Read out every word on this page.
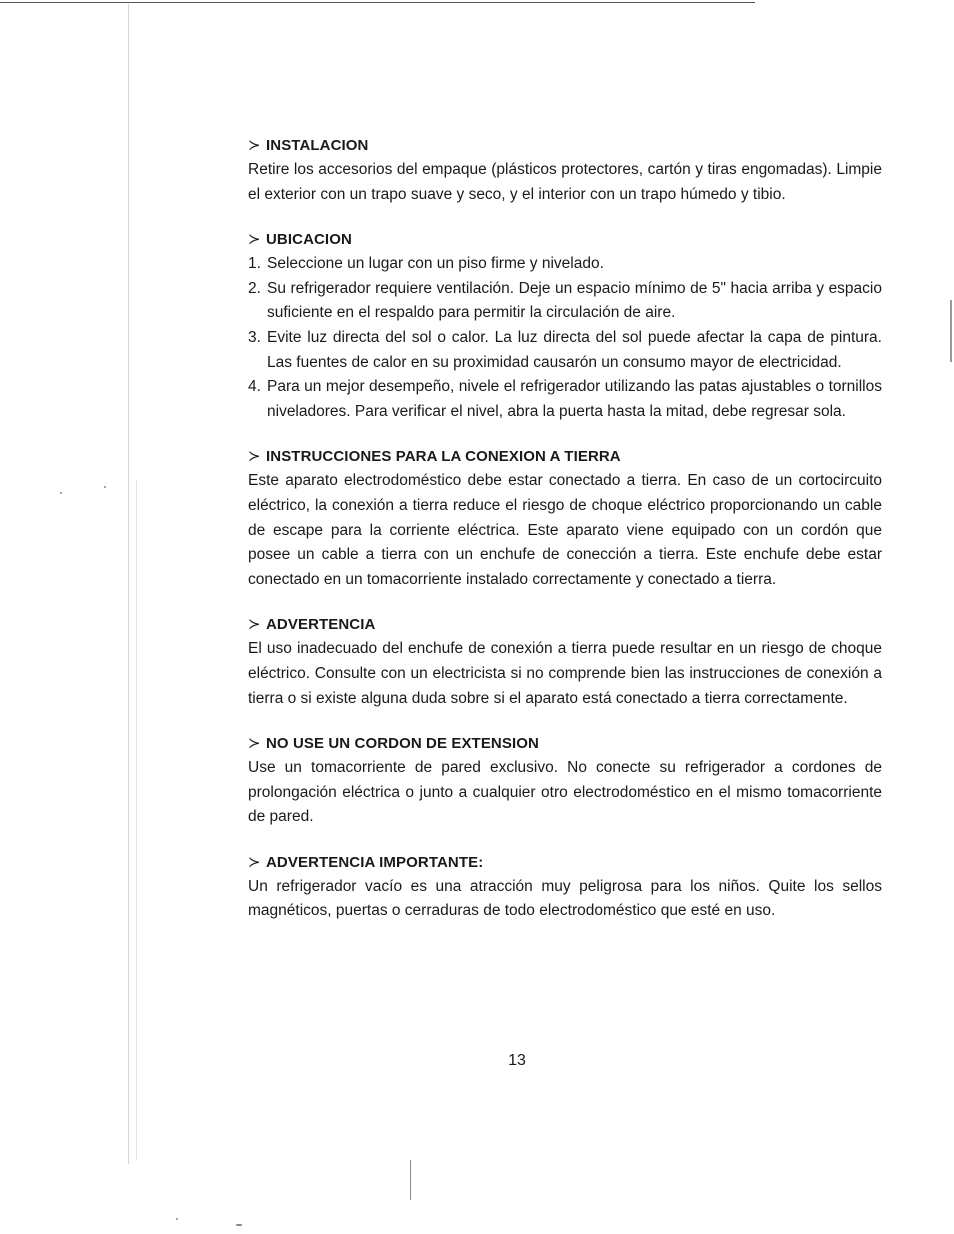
≻ INSTALACION

Retire los accesorios del empaque (plásticos protectores, cartón y tiras engomadas). Limpie el exterior con un trapo suave y seco, y el interior con un trapo húmedo y tibio.

≻ UBICACION
1. Seleccione un lugar con un piso firme y nivelado.
2. Su refrigerador requiere ventilación. Deje un espacio mínimo de 5" hacia arriba y espacio suficiente en el respaldo para permitir la circulación de aire.
3. Evite luz directa del sol o calor. La luz directa del sol puede afectar la capa de pintura. Las fuentes de calor en su proximidad causarón un consumo mayor de electricidad.
4. Para un mejor desempeño, nivele el refrigerador utilizando las patas ajustables o tornillos niveladores. Para verificar el nivel, abra la puerta hasta la mitad, debe regresar sola.
≻ INSTRUCCIONES PARA LA CONEXION A TIERRA

Este aparato electrodoméstico debe estar conectado a tierra. En caso de un cortocircuito eléctrico, la conexión a tierra reduce el riesgo de choque eléctrico proporcionando un cable de escape para la corriente eléctrica. Este aparato viene equipado con un cordón que posee un cable a tierra con un enchufe de conección a tierra. Este enchufe debe estar conectado en un tomacorriente instalado correctamente y conectado a tierra.

≻ ADVERTENCIA

El uso inadecuado del enchufe de conexión a tierra puede resultar en un riesgo de choque eléctrico. Consulte con un electricista si no comprende bien las instrucciones de conexión a tierra o si existe alguna duda sobre si el aparato está conectado a tierra correctamente.

≻ NO USE UN CORDON DE EXTENSION

Use un tomacorriente de pared exclusivo. No conecte su refrigerador a cordones de prolongación eléctrica o junto a cualquier otro electrodoméstico en el mismo tomacorriente de pared.

≻ ADVERTENCIA IMPORTANTE:

Un refrigerador vacío es una atracción muy peligrosa para los niños. Quite los sellos magnéticos, puertas o cerraduras de todo electrodoméstico que esté en uso.

13
